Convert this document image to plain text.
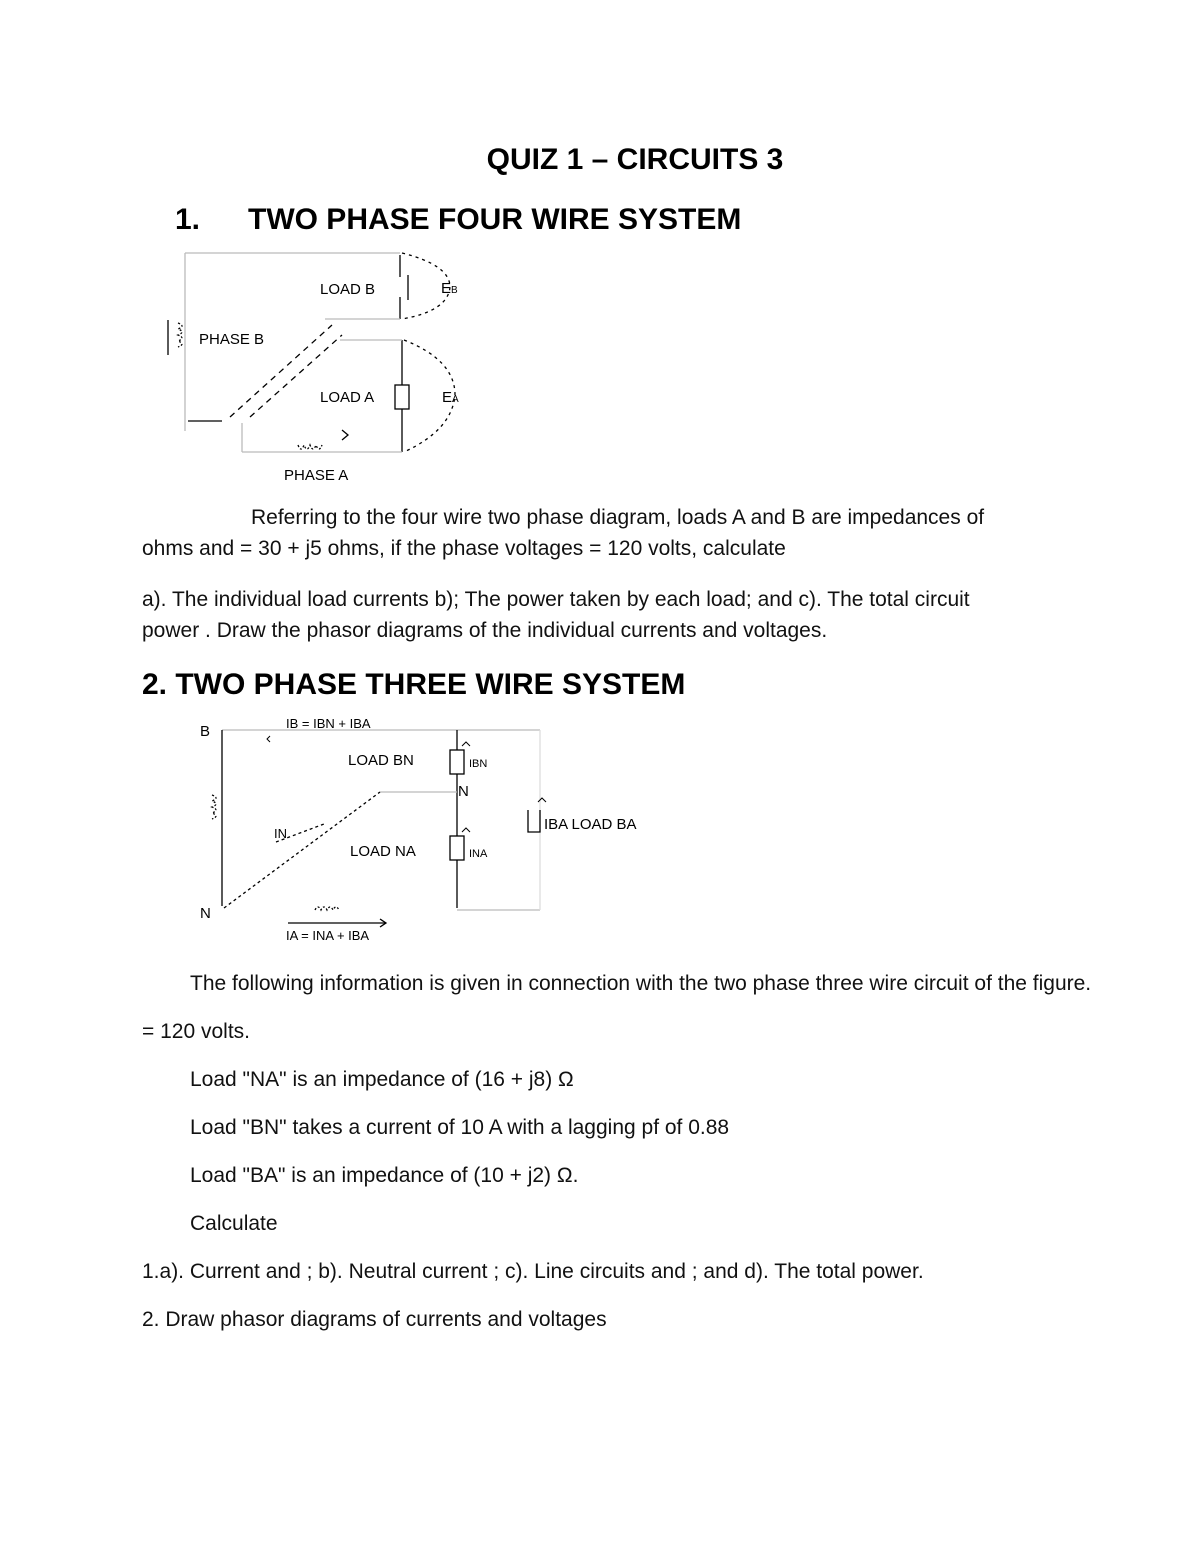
QUIZ 1 – CIRCUITS 3
1. TWO PHASE FOUR WIRE SYSTEM
LOAD B
PHASE B
LOAD A
PHASE A
EB
EA
Referring to the four wire two phase diagram, loads A and B are impedances of
ohms and = 30 + j5 ohms, if the phase voltages = 120 volts, calculate
a). The individual load currents b); The power taken by each load; and c). The total circuit
power . Draw the phasor diagrams of the individual currents and voltages.
2. TWO PHASE THREE WIRE SYSTEM
B
N
N
IB = IBN + IBA
IA = INA + IBA
IN
LOAD BN
LOAD NA
IBN
INA
IBA LOAD BA
The following information is given in connection with the two phase three wire circuit of the figure.
= 120 volts.
Load "NA" is an impedance of (16 + j8) Ω
Load "BN" takes a current of 10 A with a lagging pf of 0.88
Load "BA" is an impedance of (10 + j2) Ω.
Calculate
1.a). Current and ; b). Neutral current ; c). Line circuits and ; and d). The total power.
2. Draw phasor diagrams of currents and voltages
